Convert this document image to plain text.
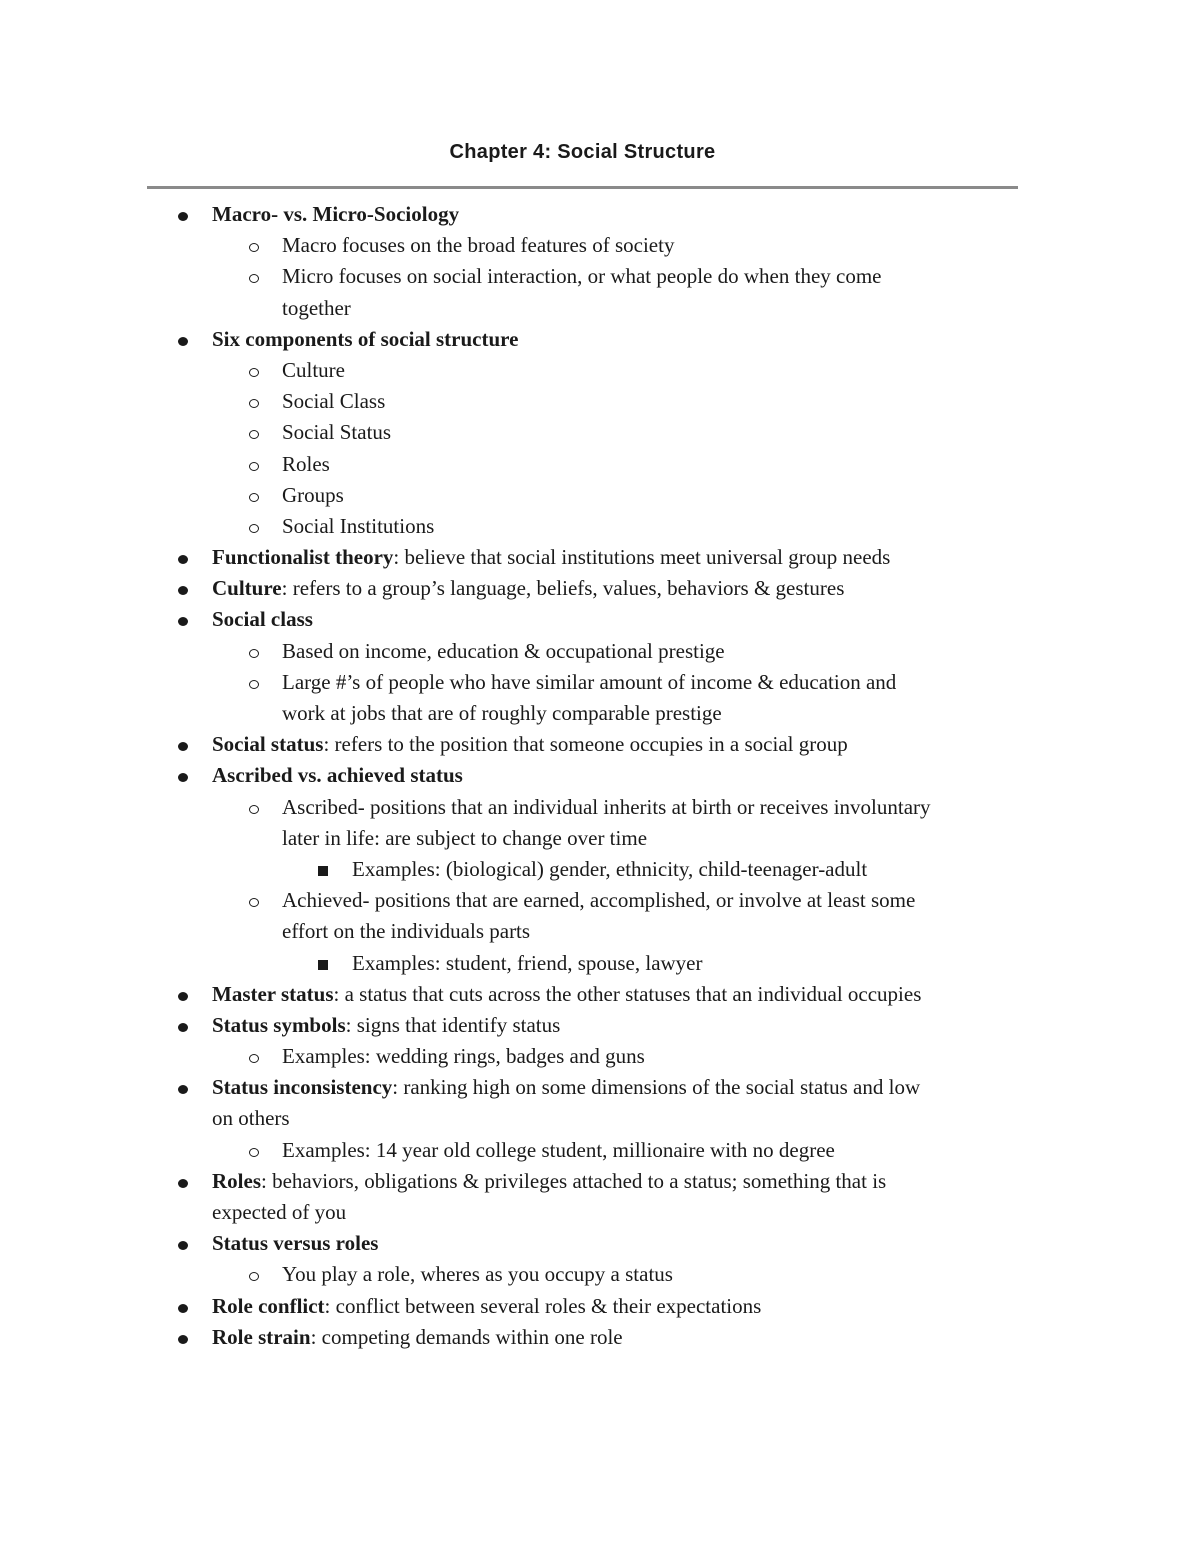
Chapter 4: Social Structure
Macro- vs. Micro-Sociology
Macro focuses on the broad features of society
Micro focuses on social interaction, or what people do when they come
together
Six components of social structure
Culture
Social Class
Social Status
Roles
Groups
Social Institutions
Functionalist theory: believe that social institutions meet universal group needs
Culture: refers to a group’s language, beliefs, values, behaviors & gestures
Social class
Based on income, education & occupational prestige
Large #’s of people who have similar amount of income & education and
work at jobs that are of roughly comparable prestige
Social status: refers to the position that someone occupies in a social group
Ascribed vs. achieved status
Ascribed- positions that an individual inherits at birth or receives involuntary
later in life: are subject to change over time
Examples: (biological) gender, ethnicity, child-teenager-adult
Achieved- positions that are earned, accomplished, or involve at least some
effort on the individuals parts
Examples: student, friend, spouse, lawyer
Master status: a status that cuts across the other statuses that an individual occupies
Status symbols: signs that identify status
Examples: wedding rings, badges and guns
Status inconsistency: ranking high on some dimensions of the social status and low
on others
Examples: 14 year old college student, millionaire with no degree
Roles: behaviors, obligations & privileges attached to a status; something that is
expected of you
Status versus roles
You play a role, wheres as you occupy a status
Role conflict: conflict between several roles & their expectations
Role strain: competing demands within one role
